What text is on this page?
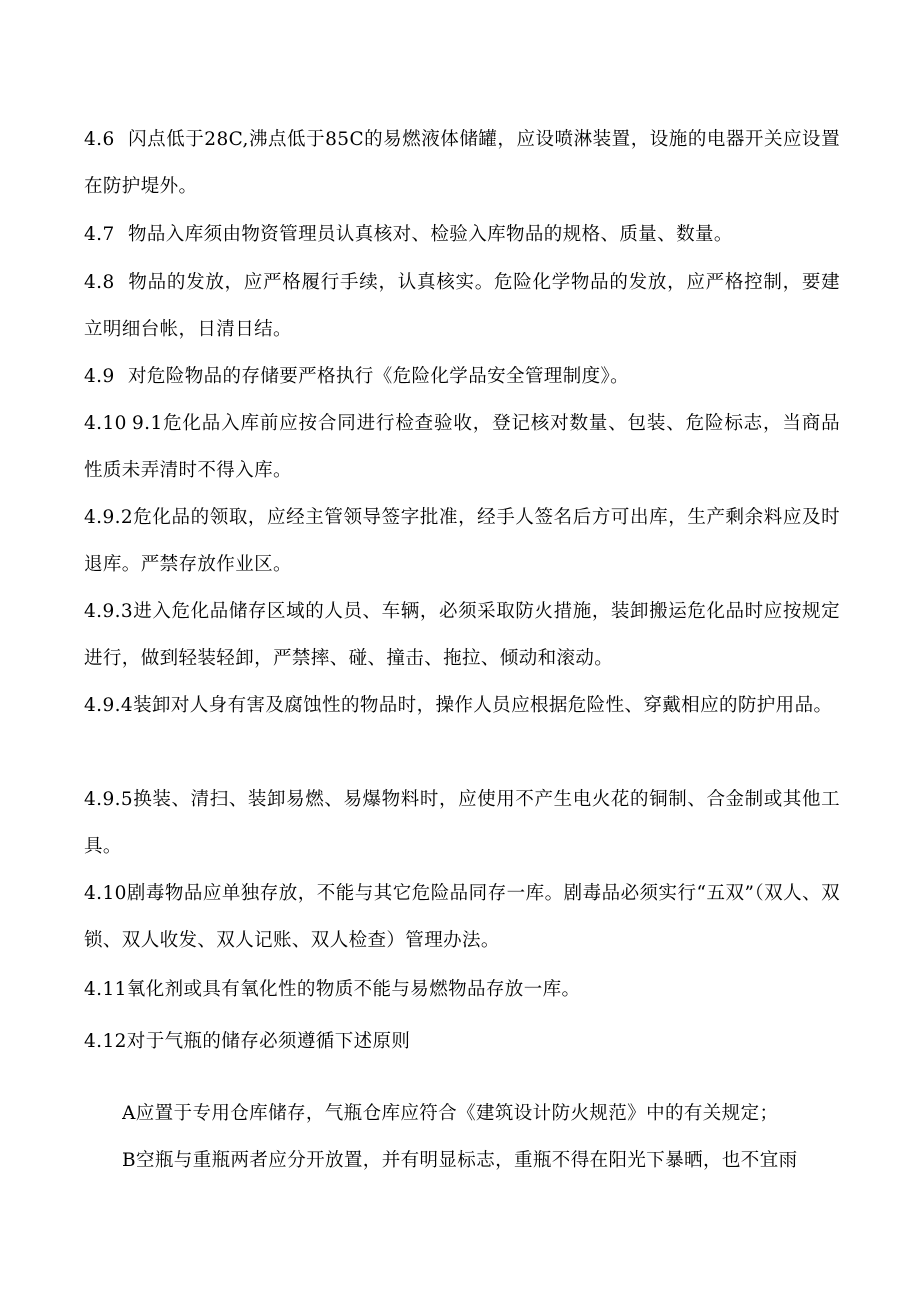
4.6 闪点低于28C,沸点低于85C的易燃液体储罐，应设喷淋装置，设施的电器开关应设置在防护堤外。

4.7 物品入库须由物资管理员认真核对、检验入库物品的规格、质量、数量。

4.8 物品的发放，应严格履行手续，认真核实。危险化学物品的发放，应严格控制，要建立明细台帐，日清日结。

4.9 对危险物品的存储要严格执行《危险化学品安全管理制度》。

4.10 9.1危化品入库前应按合同进行检查验收，登记核对数量、包装、危险标志，当商品性质未弄清时不得入库。

4.9.2危化品的领取，应经主管领导签字批准，经手人签名后方可出库，生产剩余料应及时退库。严禁存放作业区。

4.9.3进入危化品储存区域的人员、车辆，必须采取防火措施，装卸搬运危化品时应按规定进行，做到轻装轻卸，严禁摔、碰、撞击、拖拉、倾动和滚动。

4.9.4装卸对人身有害及腐蚀性的物品时，操作人员应根据危险性、穿戴相应的防护用品。

4.9.5换装、清扫、装卸易燃、易爆物料时，应使用不产生电火花的铜制、合金制或其他工具。

4.10剧毒物品应单独存放，不能与其它危险品同存一库。剧毒品必须实行“五双”（双人、双锁、双人收发、双人记账、双人检查）管理办法。

4.11氧化剂或具有氧化性的物质不能与易燃物品存放一库。

4.12对于气瓶的储存必须遵循下述原则

A应置于专用仓库储存，气瓶仓库应符合《建筑设计防火规范》中的有关规定；

B空瓶与重瓶两者应分开放置，并有明显标志，重瓶不得在阳光下暴晒，也不宜雨
